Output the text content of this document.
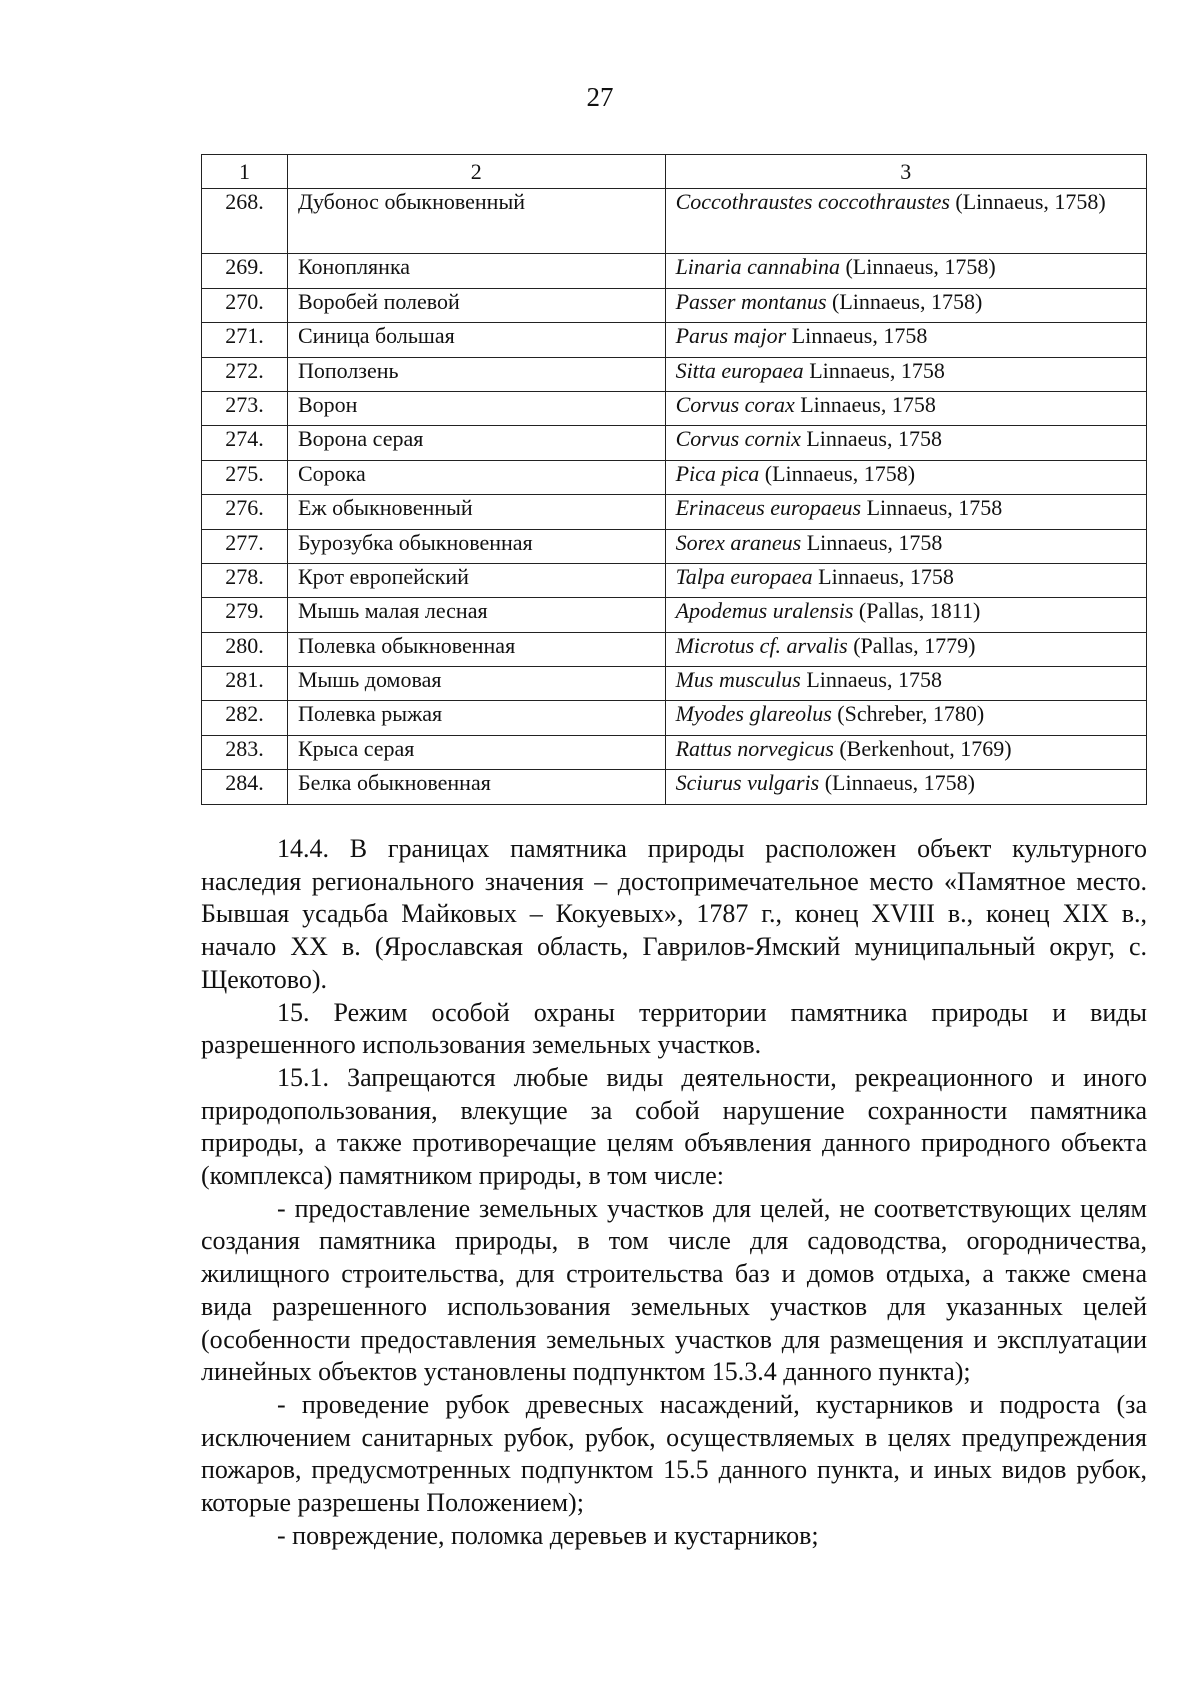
27
1	2	3
268.	Дубонос обыкновенный	Coccothraustes coccothraustes (Linnaeus, 1758)
269.	Коноплянка	Linaria cannabina (Linnaeus, 1758)
270.	Воробей полевой	Passer montanus (Linnaeus, 1758)
271.	Синица большая	Parus major Linnaeus, 1758
272.	Поползень	Sitta europaea Linnaeus, 1758
273.	Ворон	Corvus corax Linnaeus, 1758
274.	Ворона серая	Corvus cornix Linnaeus, 1758
275.	Сорока	Pica pica (Linnaeus, 1758)
276.	Еж обыкновенный	Erinaceus europaeus Linnaeus, 1758
277.	Бурозубка обыкновенная	Sorex araneus Linnaeus, 1758
278.	Крот европейский	Talpa europaea Linnaeus, 1758
279.	Мышь малая лесная	Apodemus uralensis (Pallas, 1811)
280.	Полевка обыкновенная	Microtus cf. arvalis (Pallas, 1779)
281.	Мышь домовая	Mus musculus Linnaeus, 1758
282.	Полевка рыжая	Myodes glareolus (Schreber, 1780)
283.	Крыса серая	Rattus norvegicus (Berkenhout, 1769)
284.	Белка обыкновенная	Sciurus vulgaris (Linnaeus, 1758)

14.4. В границах памятника природы расположен объект культурного наследия регионального значения – достопримечательное место «Памятное место. Бывшая усадьба Майковых – Кокуевых», 1787 г., конец XVIII в., конец XIX в., начало XX в. (Ярославская область, Гаврилов-Ямский муниципальный округ, с. Щекотово).

15. Режим особой охраны территории памятника природы и виды разрешенного использования земельных участков.

15.1. Запрещаются любые виды деятельности, рекреационного и иного природопользования, влекущие за собой нарушение сохранности памятника природы, а также противоречащие целям объявления данного природного объекта (комплекса) памятником природы, в том числе:

- предоставление земельных участков для целей, не соответствующих целям создания памятника природы, в том числе для садоводства, огородничества, жилищного строительства, для строительства баз и домов отдыха, а также смена вида разрешенного использования земельных участков для указанных целей (особенности предоставления земельных участков для размещения и эксплуатации линейных объектов установлены подпунктом 15.3.4 данного пункта);

- проведение рубок древесных насаждений, кустарников и подроста (за исключением санитарных рубок, рубок, осуществляемых в целях предупреждения пожаров, предусмотренных подпунктом 15.5 данного пункта, и иных видов рубок, которые разрешены Положением);

- повреждение, поломка деревьев и кустарников;
